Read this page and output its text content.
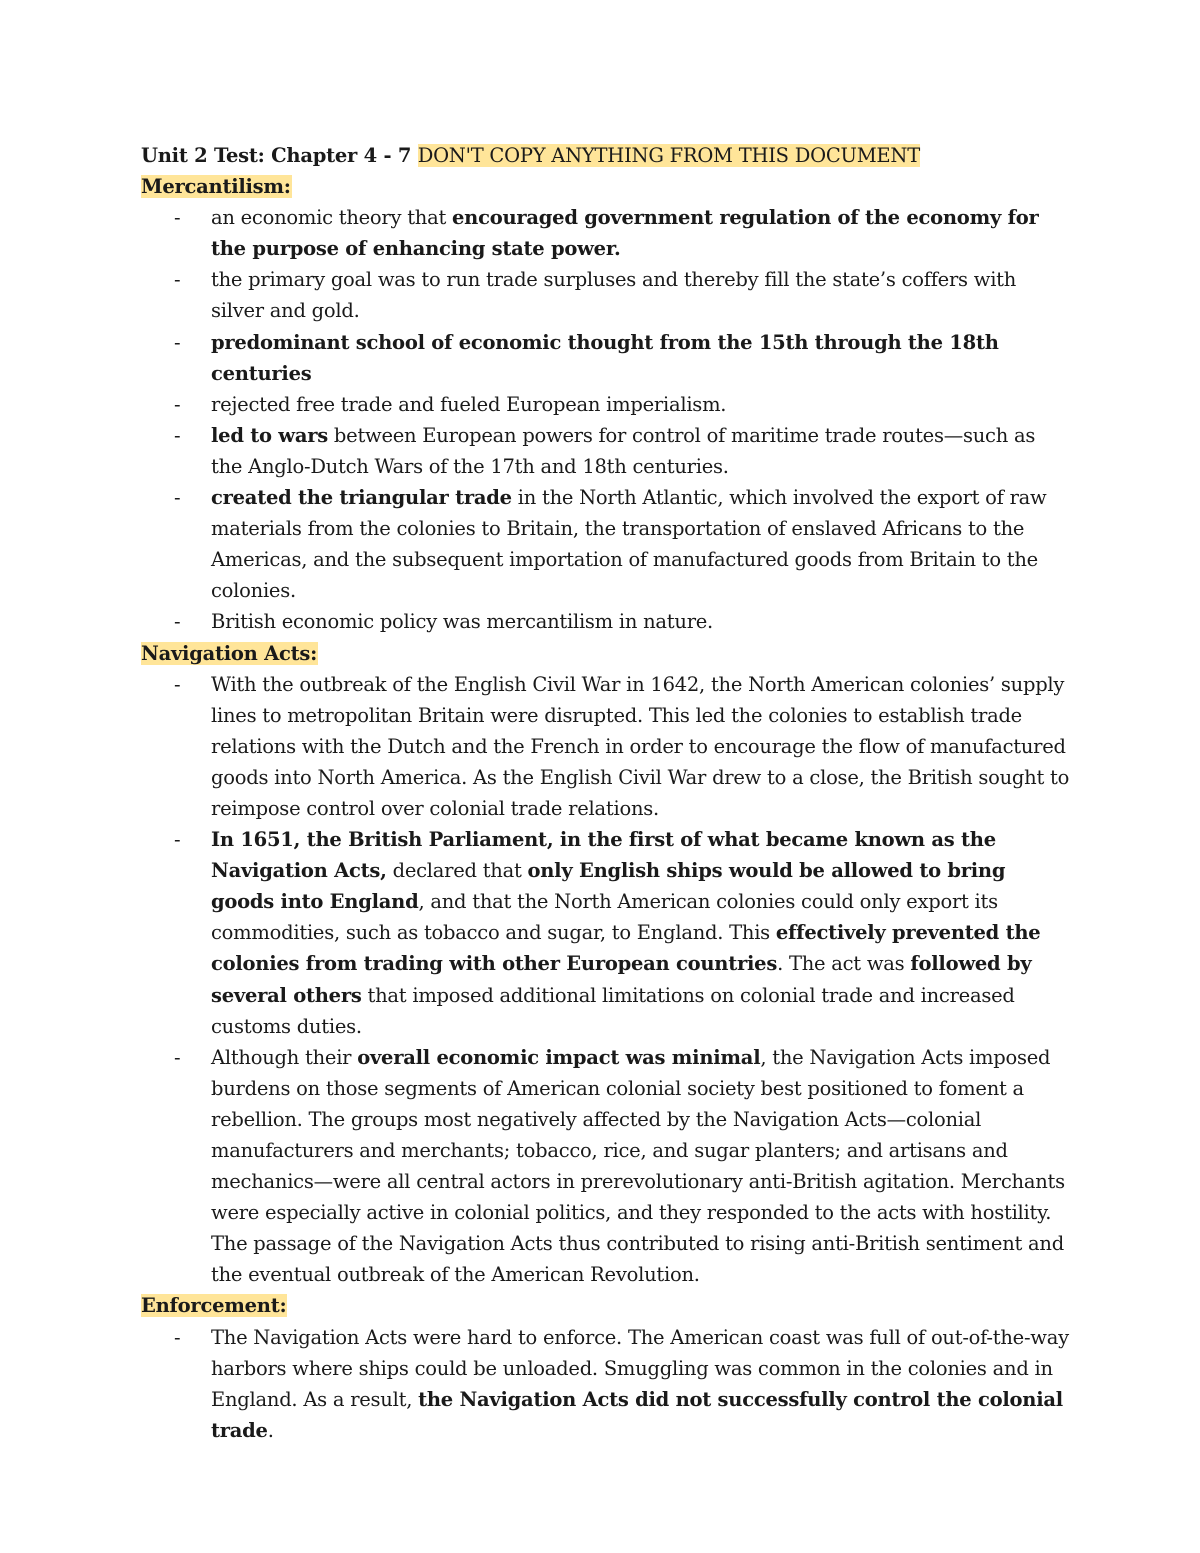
Unit 2 Test: Chapter 4 - 7 DON'T COPY ANYTHING FROM THIS DOCUMENT
Mercantilism:
- an economic theory that encouraged government regulation of the economy for the purpose of enhancing state power.
- the primary goal was to run trade surpluses and thereby fill the state’s coffers with silver and gold.
- predominant school of economic thought from the 15th through the 18th centuries
- rejected free trade and fueled European imperialism.
- led to wars between European powers for control of maritime trade routes—such as the Anglo-Dutch Wars of the 17th and 18th centuries.
- created the triangular trade in the North Atlantic, which involved the export of raw materials from the colonies to Britain, the transportation of enslaved Africans to the Americas, and the subsequent importation of manufactured goods from Britain to the colonies.
- British economic policy was mercantilism in nature.
Navigation Acts:
- With the outbreak of the English Civil War in 1642, the North American colonies’ supply lines to metropolitan Britain were disrupted. This led the colonies to establish trade relations with the Dutch and the French in order to encourage the flow of manufactured goods into North America. As the English Civil War drew to a close, the British sought to reimpose control over colonial trade relations.
- In 1651, the British Parliament, in the first of what became known as the Navigation Acts, declared that only English ships would be allowed to bring goods into England, and that the North American colonies could only export its commodities, such as tobacco and sugar, to England. This effectively prevented the colonies from trading with other European countries. The act was followed by several others that imposed additional limitations on colonial trade and increased customs duties.
- Although their overall economic impact was minimal, the Navigation Acts imposed burdens on those segments of American colonial society best positioned to foment a rebellion. The groups most negatively affected by the Navigation Acts—colonial manufacturers and merchants; tobacco, rice, and sugar planters; and artisans and mechanics—were all central actors in prerevolutionary anti-British agitation. Merchants were especially active in colonial politics, and they responded to the acts with hostility. The passage of the Navigation Acts thus contributed to rising anti-British sentiment and the eventual outbreak of the American Revolution.
Enforcement:
- The Navigation Acts were hard to enforce. The American coast was full of out-of-the-way harbors where ships could be unloaded. Smuggling was common in the colonies and in England. As a result, the Navigation Acts did not successfully control the colonial trade.
